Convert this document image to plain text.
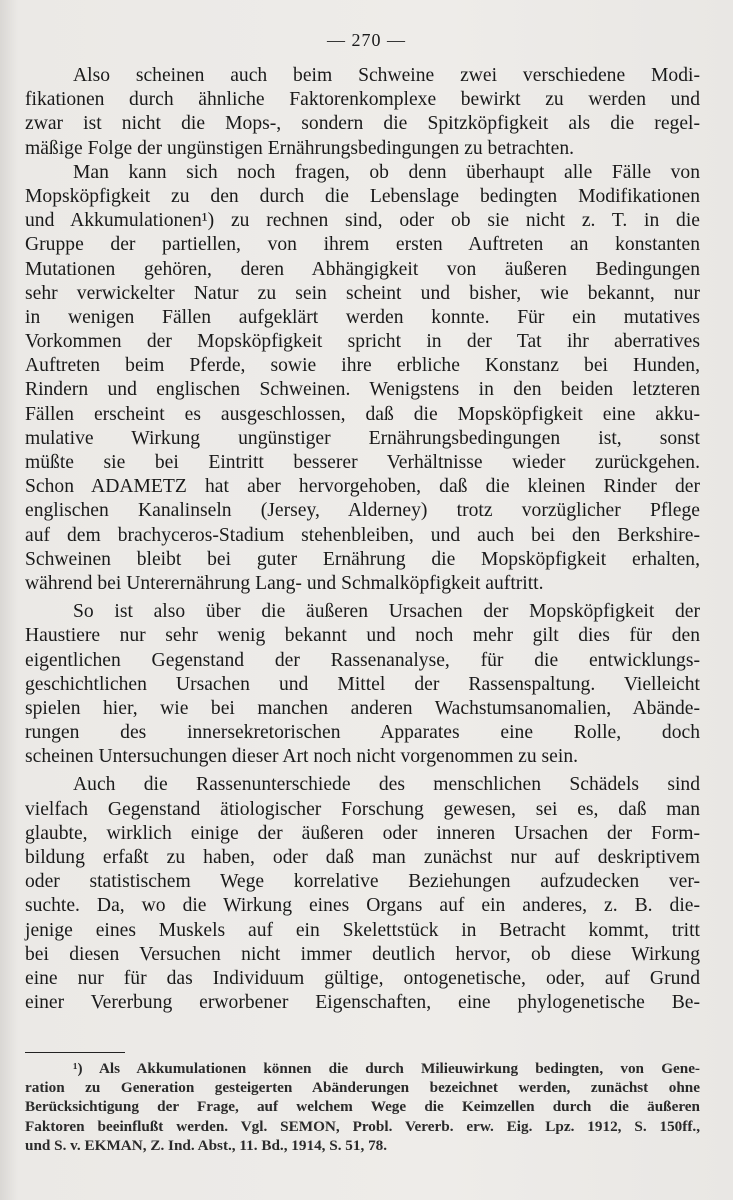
— 270 —
Also scheinen auch beim Schweine zwei verschiedene Modi-
fikationen durch ähnliche Faktorenkomplexe bewirkt zu werden und
zwar ist nicht die Mops-, sondern die Spitzköpfigkeit als die regel-
mäßige Folge der ungünstigen Ernährungsbedingungen zu betrachten.
Man kann sich noch fragen, ob denn überhaupt alle Fälle von
Mopsköpfigkeit zu den durch die Lebenslage bedingten Modifikationen
und Akkumulationen¹) zu rechnen sind, oder ob sie nicht z. T. in die
Gruppe der partiellen, von ihrem ersten Auftreten an konstanten
Mutationen gehören, deren Abhängigkeit von äußeren Bedingungen
sehr verwickelter Natur zu sein scheint und bisher, wie bekannt, nur
in wenigen Fällen aufgeklärt werden konnte. Für ein mutatives
Vorkommen der Mopsköpfigkeit spricht in der Tat ihr aberratives
Auftreten beim Pferde, sowie ihre erbliche Konstanz bei Hunden,
Rindern und englischen Schweinen. Wenigstens in den beiden letzteren
Fällen erscheint es ausgeschlossen, daß die Mopsköpfigkeit eine akku-
mulative Wirkung ungünstiger Ernährungsbedingungen ist, sonst
müßte sie bei Eintritt besserer Verhältnisse wieder zurückgehen.
Schon ADAMETZ hat aber hervorgehoben, daß die kleinen Rinder der
englischen Kanalinseln (Jersey, Alderney) trotz vorzüglicher Pflege
auf dem brachyceros-Stadium stehenbleiben, und auch bei den Berkshire-
Schweinen bleibt bei guter Ernährung die Mopsköpfigkeit erhalten,
während bei Unterernährung Lang- und Schmalköpfigkeit auftritt.
So ist also über die äußeren Ursachen der Mopsköpfigkeit der
Haustiere nur sehr wenig bekannt und noch mehr gilt dies für den
eigentlichen Gegenstand der Rassenanalyse, für die entwicklungs-
geschichtlichen Ursachen und Mittel der Rassenspaltung. Vielleicht
spielen hier, wie bei manchen anderen Wachstumsanomalien, Abände-
rungen des innersekretorischen Apparates eine Rolle, doch
scheinen Untersuchungen dieser Art noch nicht vorgenommen zu sein.
Auch die Rassenunterschiede des menschlichen Schädels sind
vielfach Gegenstand ätiologischer Forschung gewesen, sei es, daß man
glaubte, wirklich einige der äußeren oder inneren Ursachen der Form-
bildung erfaßt zu haben, oder daß man zunächst nur auf deskriptivem
oder statistischem Wege korrelative Beziehungen aufzudecken ver-
suchte. Da, wo die Wirkung eines Organs auf ein anderes, z. B. die-
jenige eines Muskels auf ein Skelettstück in Betracht kommt, tritt
bei diesen Versuchen nicht immer deutlich hervor, ob diese Wirkung
eine nur für das Individuum gültige, ontogenetische, oder, auf Grund
einer Vererbung erworbener Eigenschaften, eine phylogenetische Be-
¹) Als Akkumulationen können die durch Milieuwirkung bedingten, von Gene-
ration zu Generation gesteigerten Abänderungen bezeichnet werden, zunächst ohne
Berücksichtigung der Frage, auf welchem Wege die Keimzellen durch die äußeren
Faktoren beeinflußt werden. Vgl. SEMON, Probl. Vererb. erw. Eig. Lpz. 1912, S. 150ff.,
und S. v. EKMAN, Z. Ind. Abst., 11. Bd., 1914, S. 51, 78.
